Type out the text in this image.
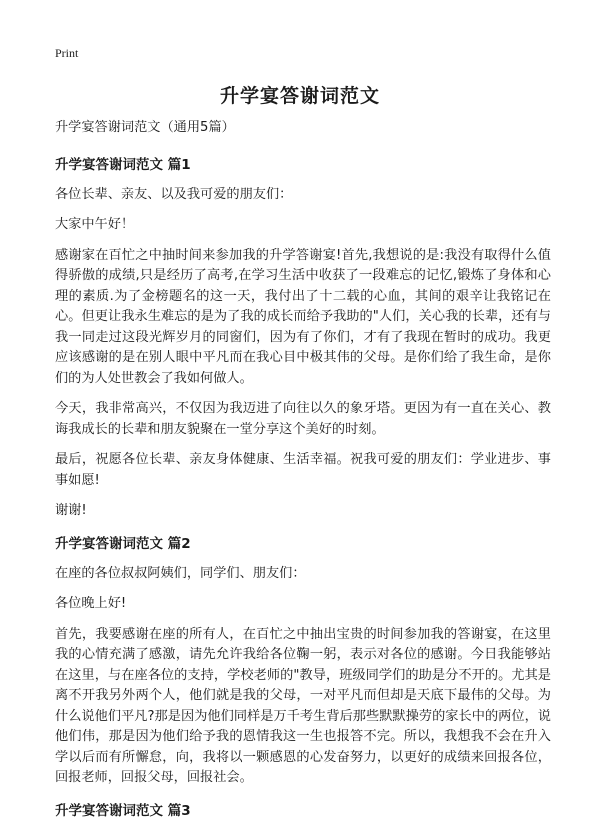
Print
升学宴答谢词范文

升学宴答谢词范文（通用5篇）

升学宴答谢词范文 篇1

各位长辈、亲友、以及我可爱的朋友们：

大家中午好！

感谢家在百忙之中抽时间来参加我的升学答谢宴!首先,我想说的是:我没有取得什么值得骄傲的成绩,只是经历了高考,在学习生活中收获了一段难忘的记忆,锻炼了身体和心理的素质.为了金榜题名的这一天，我付出了十二载的心血，其间的艰辛让我铭记在心。但更让我永生难忘的是为了我的成长而给予我助的"人们，关心我的长辈，还有与我一同走过这段光辉岁月的同窗们，因为有了你们，才有了我现在暂时的成功。我更应该感谢的是在别人眼中平凡而在我心目中极其伟的父母。是你们给了我生命，是你们的为人处世教会了我如何做人。

今天，我非常高兴，不仅因为我迈进了向往以久的象牙塔。更因为有一直在关心、教诲我成长的长辈和朋友貌聚在一堂分享这个美好的时刻。

最后，祝愿各位长辈、亲友身体健康、生活幸福。祝我可爱的朋友们：学业进步、事事如愿!

谢谢!

升学宴答谢词范文 篇2

在座的各位叔叔阿姨们，同学们、朋友们：

各位晚上好!

首先，我要感谢在座的所有人，在百忙之中抽出宝贵的时间参加我的答谢宴，在这里我的心情充满了感激，请先允许我给各位鞠一躬，表示对各位的感谢。今日我能够站在这里，与在座各位的支持，学校老师的"教导，班级同学们的助是分不开的。尤其是离不开我另外两个人，他们就是我的父母，一对平凡而但却是天底下最伟的父母。为什么说他们平凡?那是因为他们同样是万千考生背后那些默默操劳的家长中的两位，说他们伟，那是因为他们给予我的恩情我这一生也报答不完。所以，我想我不会在升入学以后而有所懈怠，向，我将以一颗感恩的心发奋努力，以更好的成绩来回报各位，回报老师，回报父母，回报社会。

升学宴答谢词范文 篇3
